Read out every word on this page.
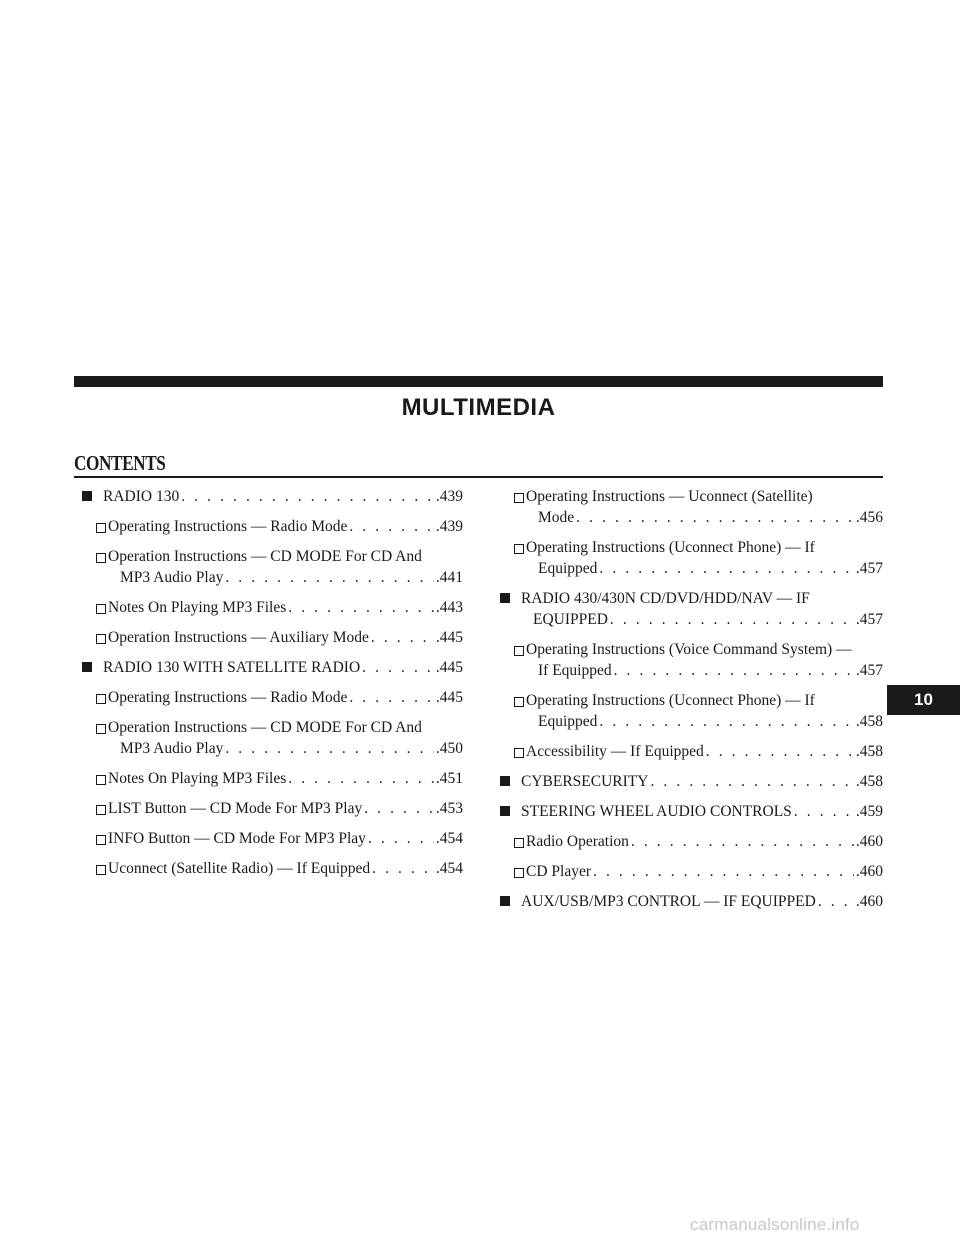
MULTIMEDIA
CONTENTS
RADIO 130 . . .	.439
Operating Instructions — Radio Mode . . .	.439
Operation Instructions — CD MODE For CD And
MP3 Audio Play . . .	.441
Notes On Playing MP3 Files . . .	.443
Operation Instructions — Auxiliary Mode . . .	.445
RADIO 130 WITH SATELLITE RADIO . . .	.445
Operating Instructions — Radio Mode . . .	.445
Operation Instructions — CD MODE For CD And
MP3 Audio Play . . .	.450
Notes On Playing MP3 Files . . .	.451
LIST Button — CD Mode For MP3 Play . . .	.453
INFO Button — CD Mode For MP3 Play . . .	.454
Uconnect (Satellite Radio) — If Equipped . . .	.454
Operating Instructions — Uconnect (Satellite)
Mode . . .	.456
Operating Instructions (Uconnect Phone) — If
Equipped . . .	.457
RADIO 430/430N CD/DVD/HDD/NAV — IF
EQUIPPED . . .	.457
Operating Instructions (Voice Command System) —
If Equipped . . .	.457
Operating Instructions (Uconnect Phone) — If
Equipped . . .	.458
Accessibility — If Equipped . . .	.458
CYBERSECURITY . . .	.458
STEERING WHEEL AUDIO CONTROLS . . .	.459
Radio Operation . . .	.460
CD Player . . .	.460
AUX/USB/MP3 CONTROL — IF EQUIPPED . . .	.460
10
carmanualsonline.info
